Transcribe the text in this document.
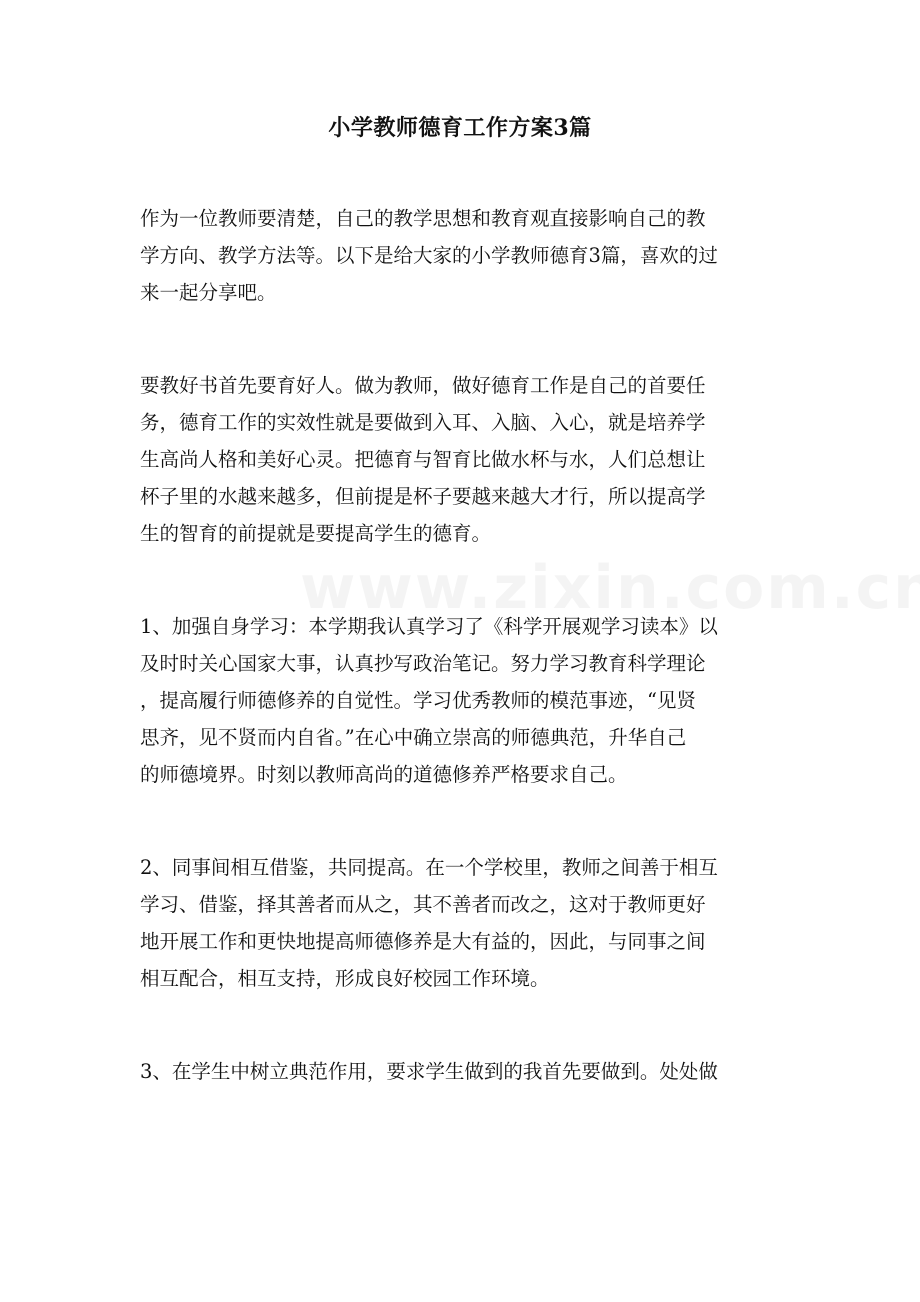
小学教师德育工作方案3篇

作为一位教师要清楚，自己的教学思想和教育观直接影响自己的教
学方向、教学方法等。以下是给大家的小学教师德育3篇，喜欢的过
来一起分享吧。

要教好书首先要育好人。做为教师，做好德育工作是自己的首要任
务，德育工作的实效性就是要做到入耳、入脑、入心，就是培养学
生高尚人格和美好心灵。把德育与智育比做水杯与水，人们总想让
杯子里的水越来越多，但前提是杯子要越来越大才行，所以提高学
生的智育的前提就是要提高学生的德育。

1、加强自身学习：本学期我认真学习了《科学开展观学习读本》以
及时时关心国家大事，认真抄写政治笔记。努力学习教育科学理论
，提高履行师德修养的自觉性。学习优秀教师的模范事迹，“见贤
思齐，见不贤而内自省。”在心中确立崇高的师德典范，升华自己
的师德境界。时刻以教师高尚的道德修养严格要求自己。

2、同事间相互借鉴，共同提高。在一个学校里，教师之间善于相互
学习、借鉴，择其善者而从之，其不善者而改之，这对于教师更好
地开展工作和更快地提高师德修养是大有益的，因此，与同事之间
相互配合，相互支持，形成良好校园工作环境。

3、在学生中树立典范作用，要求学生做到的我首先要做到。处处做
